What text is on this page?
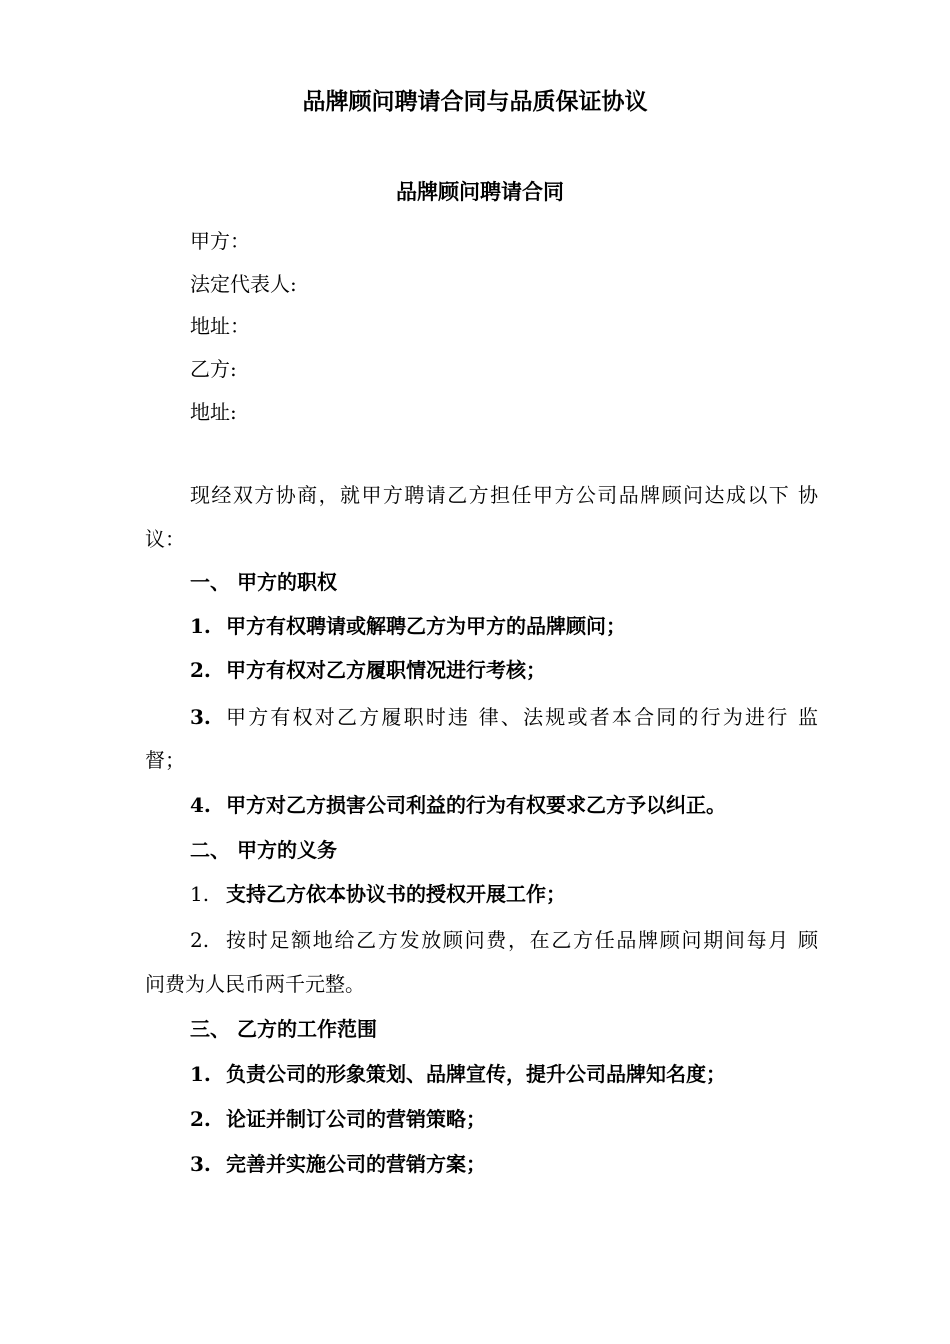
品牌顾问聘请合同与品质保证协议
品牌顾问聘请合同
甲方：
法定代表人:
地址：
乙方:
地址:
现经双方协商，就甲方聘请乙方担任甲方公司品牌顾问达成以下 协
议：
一、 甲方的职权
1. 甲方有权聘请或解聘乙方为甲方的品牌顾问；
2. 甲方有权对乙方履职情况进行考核；
3. 甲方有权对乙方履职时违 律、法规或者本合同的行为进行 监
督；
4. 甲方对乙方损害公司利益的行为有权要求乙方予以纠正。
二、 甲方的义务
1. 支持乙方依本协议书的授权开展工作；
2. 按时足额地给乙方发放顾问费，在乙方任品牌顾问期间每月 顾
问费为人民币两千元整。
三、 乙方的工作范围
1. 负责公司的形象策划、品牌宣传，提升公司品牌知名度；
2. 论证并制订公司的营销策略；
3. 完善并实施公司的营销方案；
